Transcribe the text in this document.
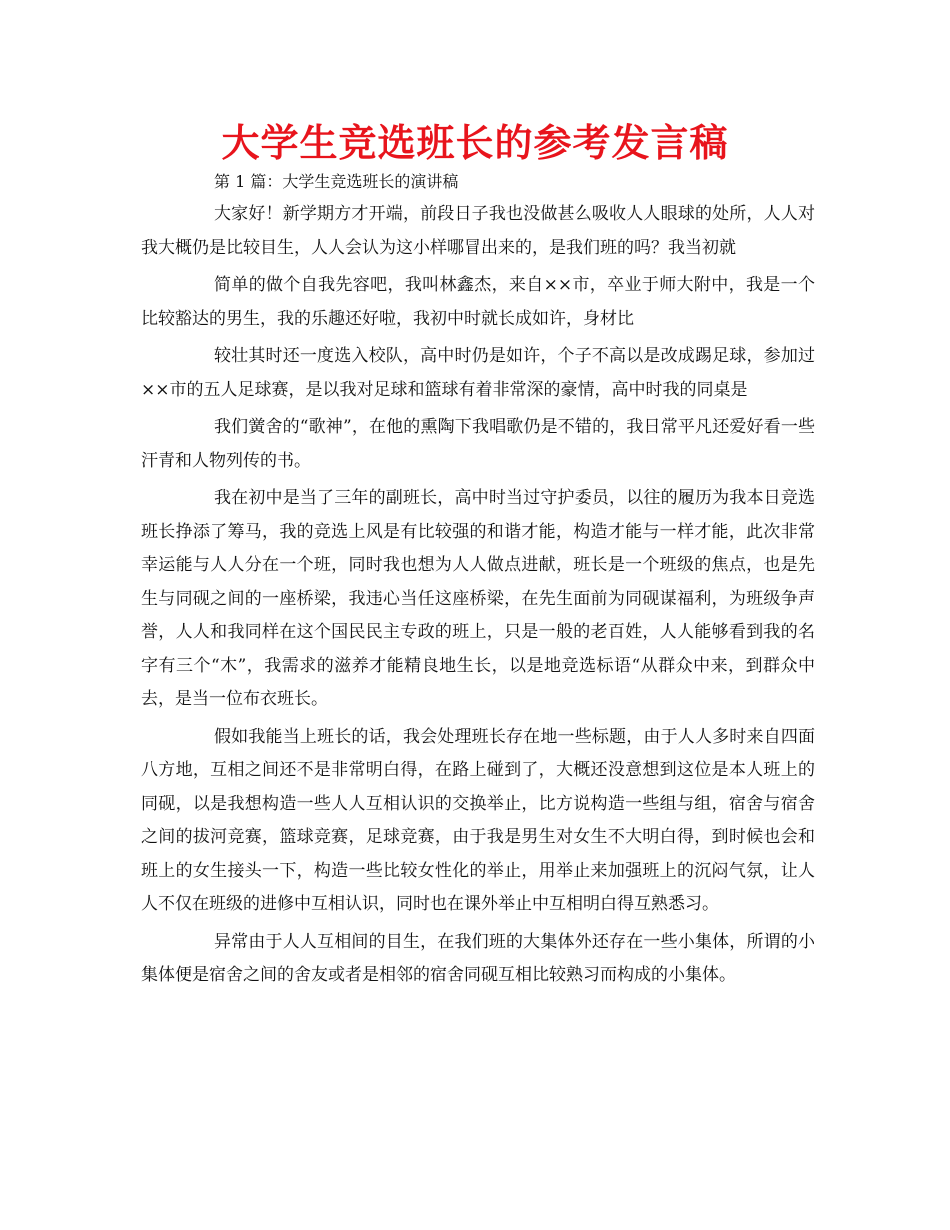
大学生竞选班长的参考发言稿

第 1 篇：大学生竞选班长的演讲稿

大家好！新学期方才开端，前段日子我也没做甚么吸收人人眼球的处所，人人对我大概仍是比较目生，人人会认为这小样哪冒出来的，是我们班的吗？我当初就

简单的做个自我先容吧，我叫林鑫杰，来自××市，卒业于师大附中，我是一个比较豁达的男生，我的乐趣还好啦，我初中时就长成如许，身材比

较壮其时还一度选入校队，高中时仍是如许，个子不高以是改成踢足球，参加过××市的五人足球赛，是以我对足球和篮球有着非常深的豪情，高中时我的同桌是

我们黉舍的“歌神”，在他的熏陶下我唱歌仍是不错的，我日常平凡还爱好看一些汗青和人物列传的书。

我在初中是当了三年的副班长，高中时当过守护委员，以往的履历为我本日竞选班长挣添了筹马，我的竞选上风是有比较强的和谐才能，构造才能与一样才能，此次非常幸运能与人人分在一个班，同时我也想为人人做点进献，班长是一个班级的焦点，也是先生与同砚之间的一座桥梁，我违心当任这座桥梁，在先生面前为同砚谋福利，为班级争声誉，人人和我同样在这个国民民主专政的班上，只是一般的老百姓，人人能够看到我的名字有三个“木”，我需求的滋养才能精良地生长，以是地竞选标语“从群众中来，到群众中去，是当一位布衣班长。

假如我能当上班长的话，我会处理班长存在地一些标题，由于人人多时来自四面八方地，互相之间还不是非常明白得，在路上碰到了，大概还没意想到这位是本人班上的同砚，以是我想构造一些人人互相认识的交换举止，比方说构造一些组与组，宿舍与宿舍之间的拔河竞赛，篮球竞赛，足球竞赛，由于我是男生对女生不大明白得，到时候也会和班上的女生接头一下，构造一些比较女性化的举止，用举止来加强班上的沉闷气氛，让人人不仅在班级的进修中互相认识，同时也在课外举止中互相明白得互熟悉习。

异常由于人人互相间的目生，在我们班的大集体外还存在一些小集体，所谓的小集体便是宿舍之间的舍友或者是相邻的宿舍同砚互相比较熟习而构成的小集体。
